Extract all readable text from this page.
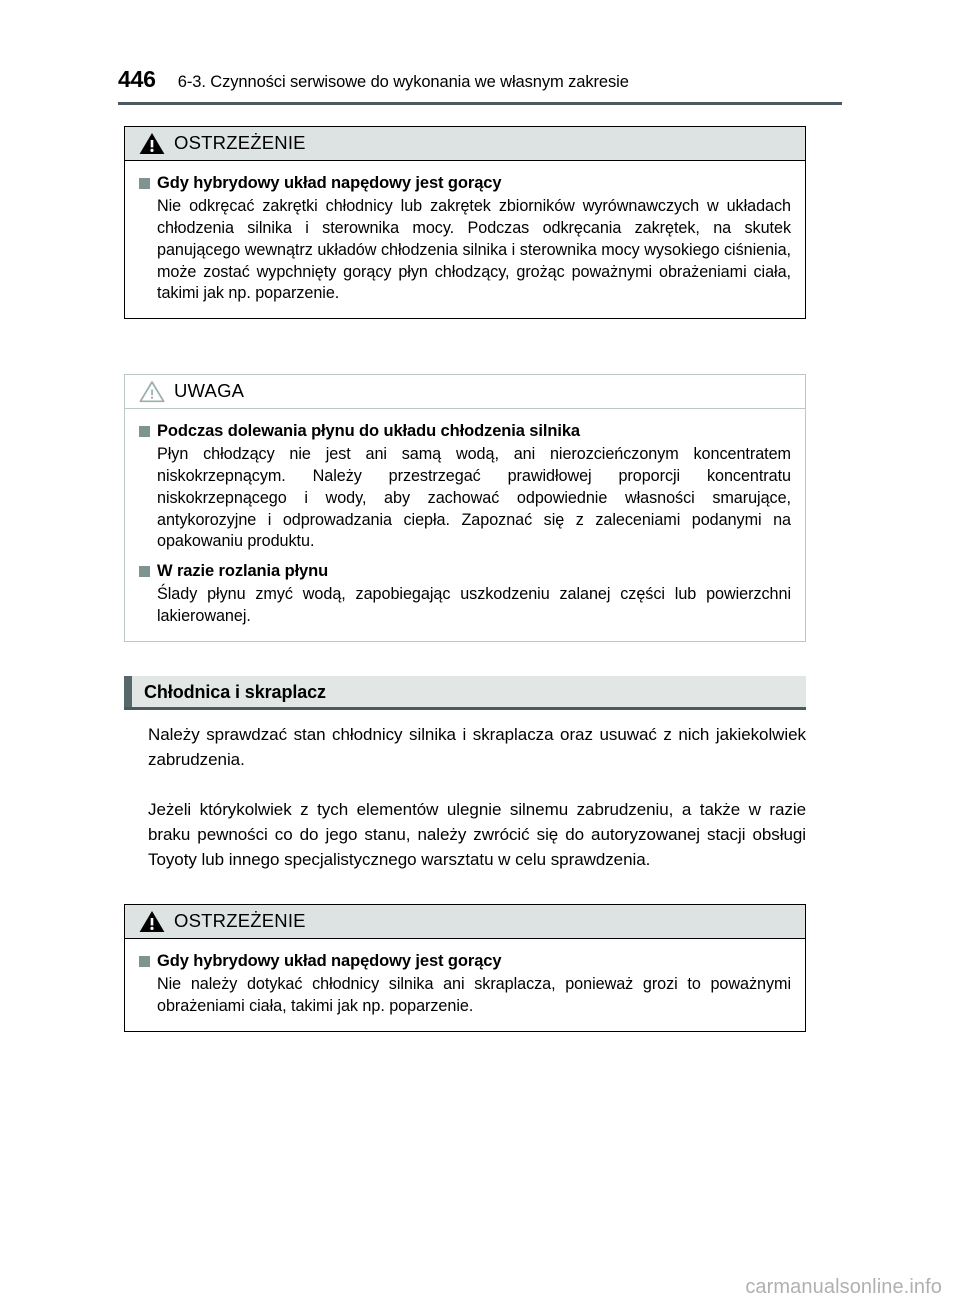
446 6-3. Czynności serwisowe do wykonania we własnym zakresie
OSTRZEŻENIE
Gdy hybrydowy układ napędowy jest gorący
Nie odkręcać zakrętki chłodnicy lub zakrętek zbiorników wyrównawczych w układach chłodzenia silnika i sterownika mocy. Podczas odkręcania zakrętek, na skutek panującego wewnątrz układów chłodzenia silnika i sterownika mocy wysokiego ciśnienia, może zostać wypchnięty gorący płyn chłodzący, grożąc poważnymi obrażeniami ciała, takimi jak np. poparzenie.
UWAGA
Podczas dolewania płynu do układu chłodzenia silnika
Płyn chłodzący nie jest ani samą wodą, ani nierozcieńczonym koncentratem niskokrzepnącym. Należy przestrzegać prawidłowej proporcji koncentratu niskokrzepnącego i wody, aby zachować odpowiednie własności smarujące, antykorozyjne i odprowadzania ciepła. Zapoznać się z zaleceniami podanymi na opakowaniu produktu.
W razie rozlania płynu
Ślady płynu zmyć wodą, zapobiegając uszkodzeniu zalanej części lub powierzchni lakierowanej.
Chłodnica i skraplacz
Należy sprawdzać stan chłodnicy silnika i skraplacza oraz usuwać z nich jakiekolwiek zabrudzenia.
Jeżeli którykolwiek z tych elementów ulegnie silnemu zabrudzeniu, a także w razie braku pewności co do jego stanu, należy zwrócić się do autoryzowanej stacji obsługi Toyoty lub innego specjalistycznego warsztatu w celu sprawdzenia.
OSTRZEŻENIE
Gdy hybrydowy układ napędowy jest gorący
Nie należy dotykać chłodnicy silnika ani skraplacza, ponieważ grozi to poważnymi obrażeniami ciała, takimi jak np. poparzenie.
carmanualsonline.info
